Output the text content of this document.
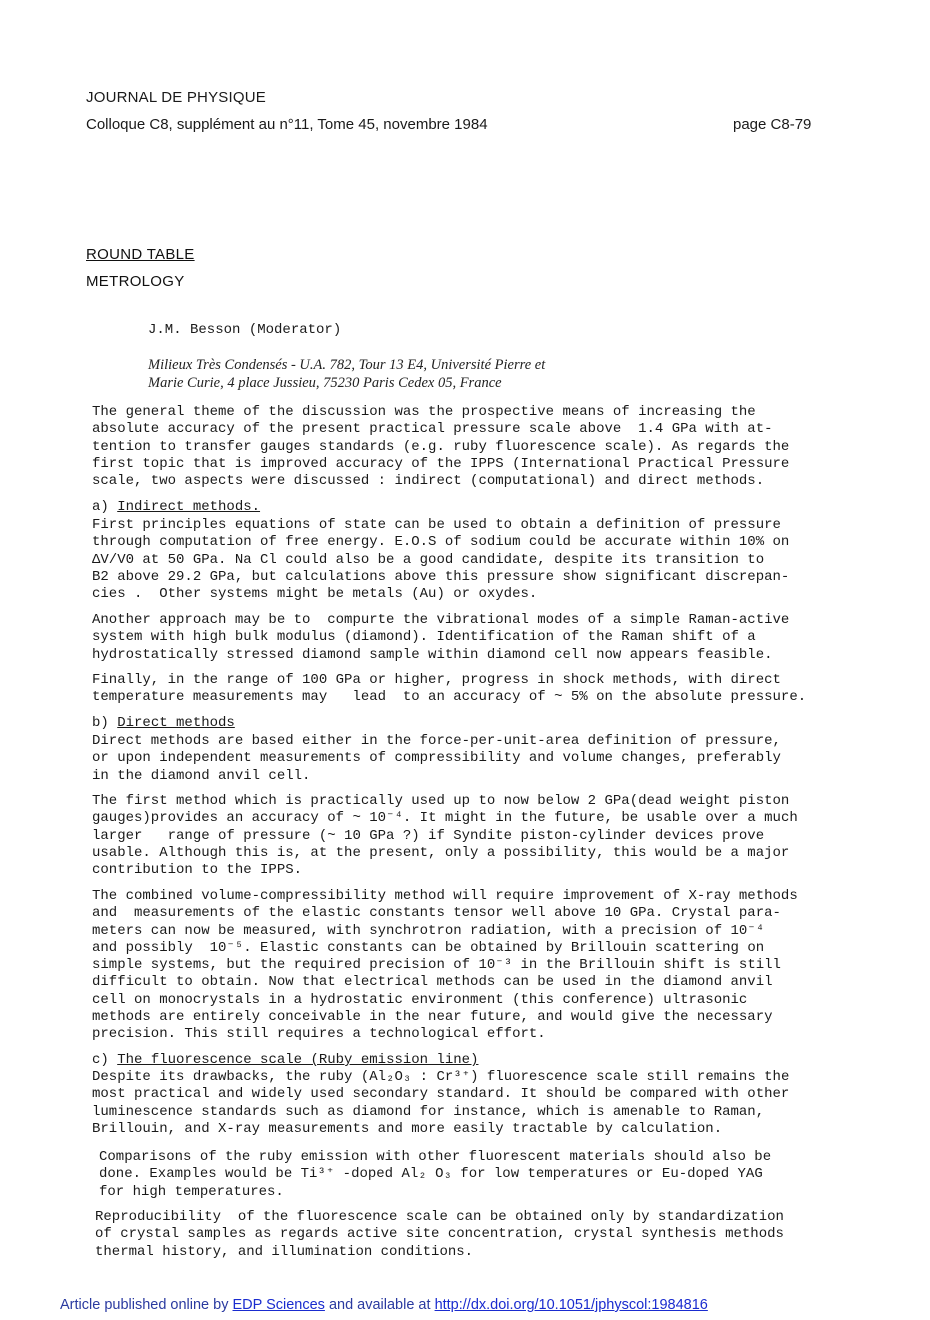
JOURNAL DE PHYSIQUE
Colloque C8, supplément au n°11, Tome 45, novembre 1984	page C8-79
ROUND TABLE
METROLOGY
J.M. Besson (Moderator)
Milieux Très Condensés - U.A. 782, Tour 13 E4, Université Pierre et
Marie Curie, 4 place Jussieu, 75230 Paris Cedex 05, France
The general theme of the discussion was the prospective means of increasing the
absolute accuracy of the present practical pressure scale above  1.4 GPa with at-
tention to transfer gauges standards (e.g. ruby fluorescence scale). As regards the
first topic that is improved accuracy of the IPPS (International Practical Pressure
scale, two aspects were discussed : indirect (computational) and direct methods.
a) Indirect methods.
First principles equations of state can be used to obtain a definition of pressure
through computation of free energy. E.O.S of sodium could be accurate within 10% on
ΔV/V0 at 50 GPa. Na Cl could also be a good candidate, despite its transition to
B2 above 29.2 GPa, but calculations above this pressure show significant discrepan-
cies .  Other systems might be metals (Au) or oxydes.
Another approach may be to  compurte the vibrational modes of a simple Raman-active
system with high bulk modulus (diamond). Identification of the Raman shift of a
hydrostatically stressed diamond sample within diamond cell now appears feasible.
Finally, in the range of 100 GPa or higher, progress in shock methods, with direct
temperature measurements may   lead  to an accuracy of ~ 5% on the absolute pressure.
b) Direct methods
Direct methods are based either in the force-per-unit-area definition of pressure,
or upon independent measurements of compressibility and volume changes, preferably
in the diamond anvil cell.
The first method which is practically used up to now below 2 GPa(dead weight piston
gauges)provides an accuracy of ~ 10⁻⁴. It might in the future, be usable over a much
larger   range of pressure (~ 10 GPa ?) if Syndite piston-cylinder devices prove
usable. Although this is, at the present, only a possibility, this would be a major
contribution to the IPPS.
The combined volume-compressibility method will require improvement of X-ray methods
and  measurements of the elastic constants tensor well above 10 GPa. Crystal para-
meters can now be measured, with synchrotron radiation, with a precision of 10⁻⁴
and possibly  10⁻⁵. Elastic constants can be obtained by Brillouin scattering on
simple systems, but the required precision of 10⁻³ in the Brillouin shift is still
difficult to obtain. Now that electrical methods can be used in the diamond anvil
cell on monocrystals in a hydrostatic environment (this conference) ultrasonic
methods are entirely conceivable in the near future, and would give the necessary
precision. This still requires a technological effort.
c) The fluorescence scale (Ruby emission line)
Despite its drawbacks, the ruby (Al₂O₃ : Cr³⁺) fluorescence scale still remains the
most practical and widely used secondary standard. It should be compared with other
luminescence standards such as diamond for instance, which is amenable to Raman,
Brillouin, and X-ray measurements and more easily tractable by calculation.
Comparisons of the ruby emission with other fluorescent materials should also be
done. Examples would be Ti³⁺ -doped Al₂ O₃ for low temperatures or Eu-doped YAG
for high temperatures.
Reproducibility  of the fluorescence scale can be obtained only by standardization
of crystal samples as regards active site concentration, crystal synthesis methods
thermal history, and illumination conditions.
Article published online by EDP Sciences and available at http://dx.doi.org/10.1051/jphyscol:1984816
